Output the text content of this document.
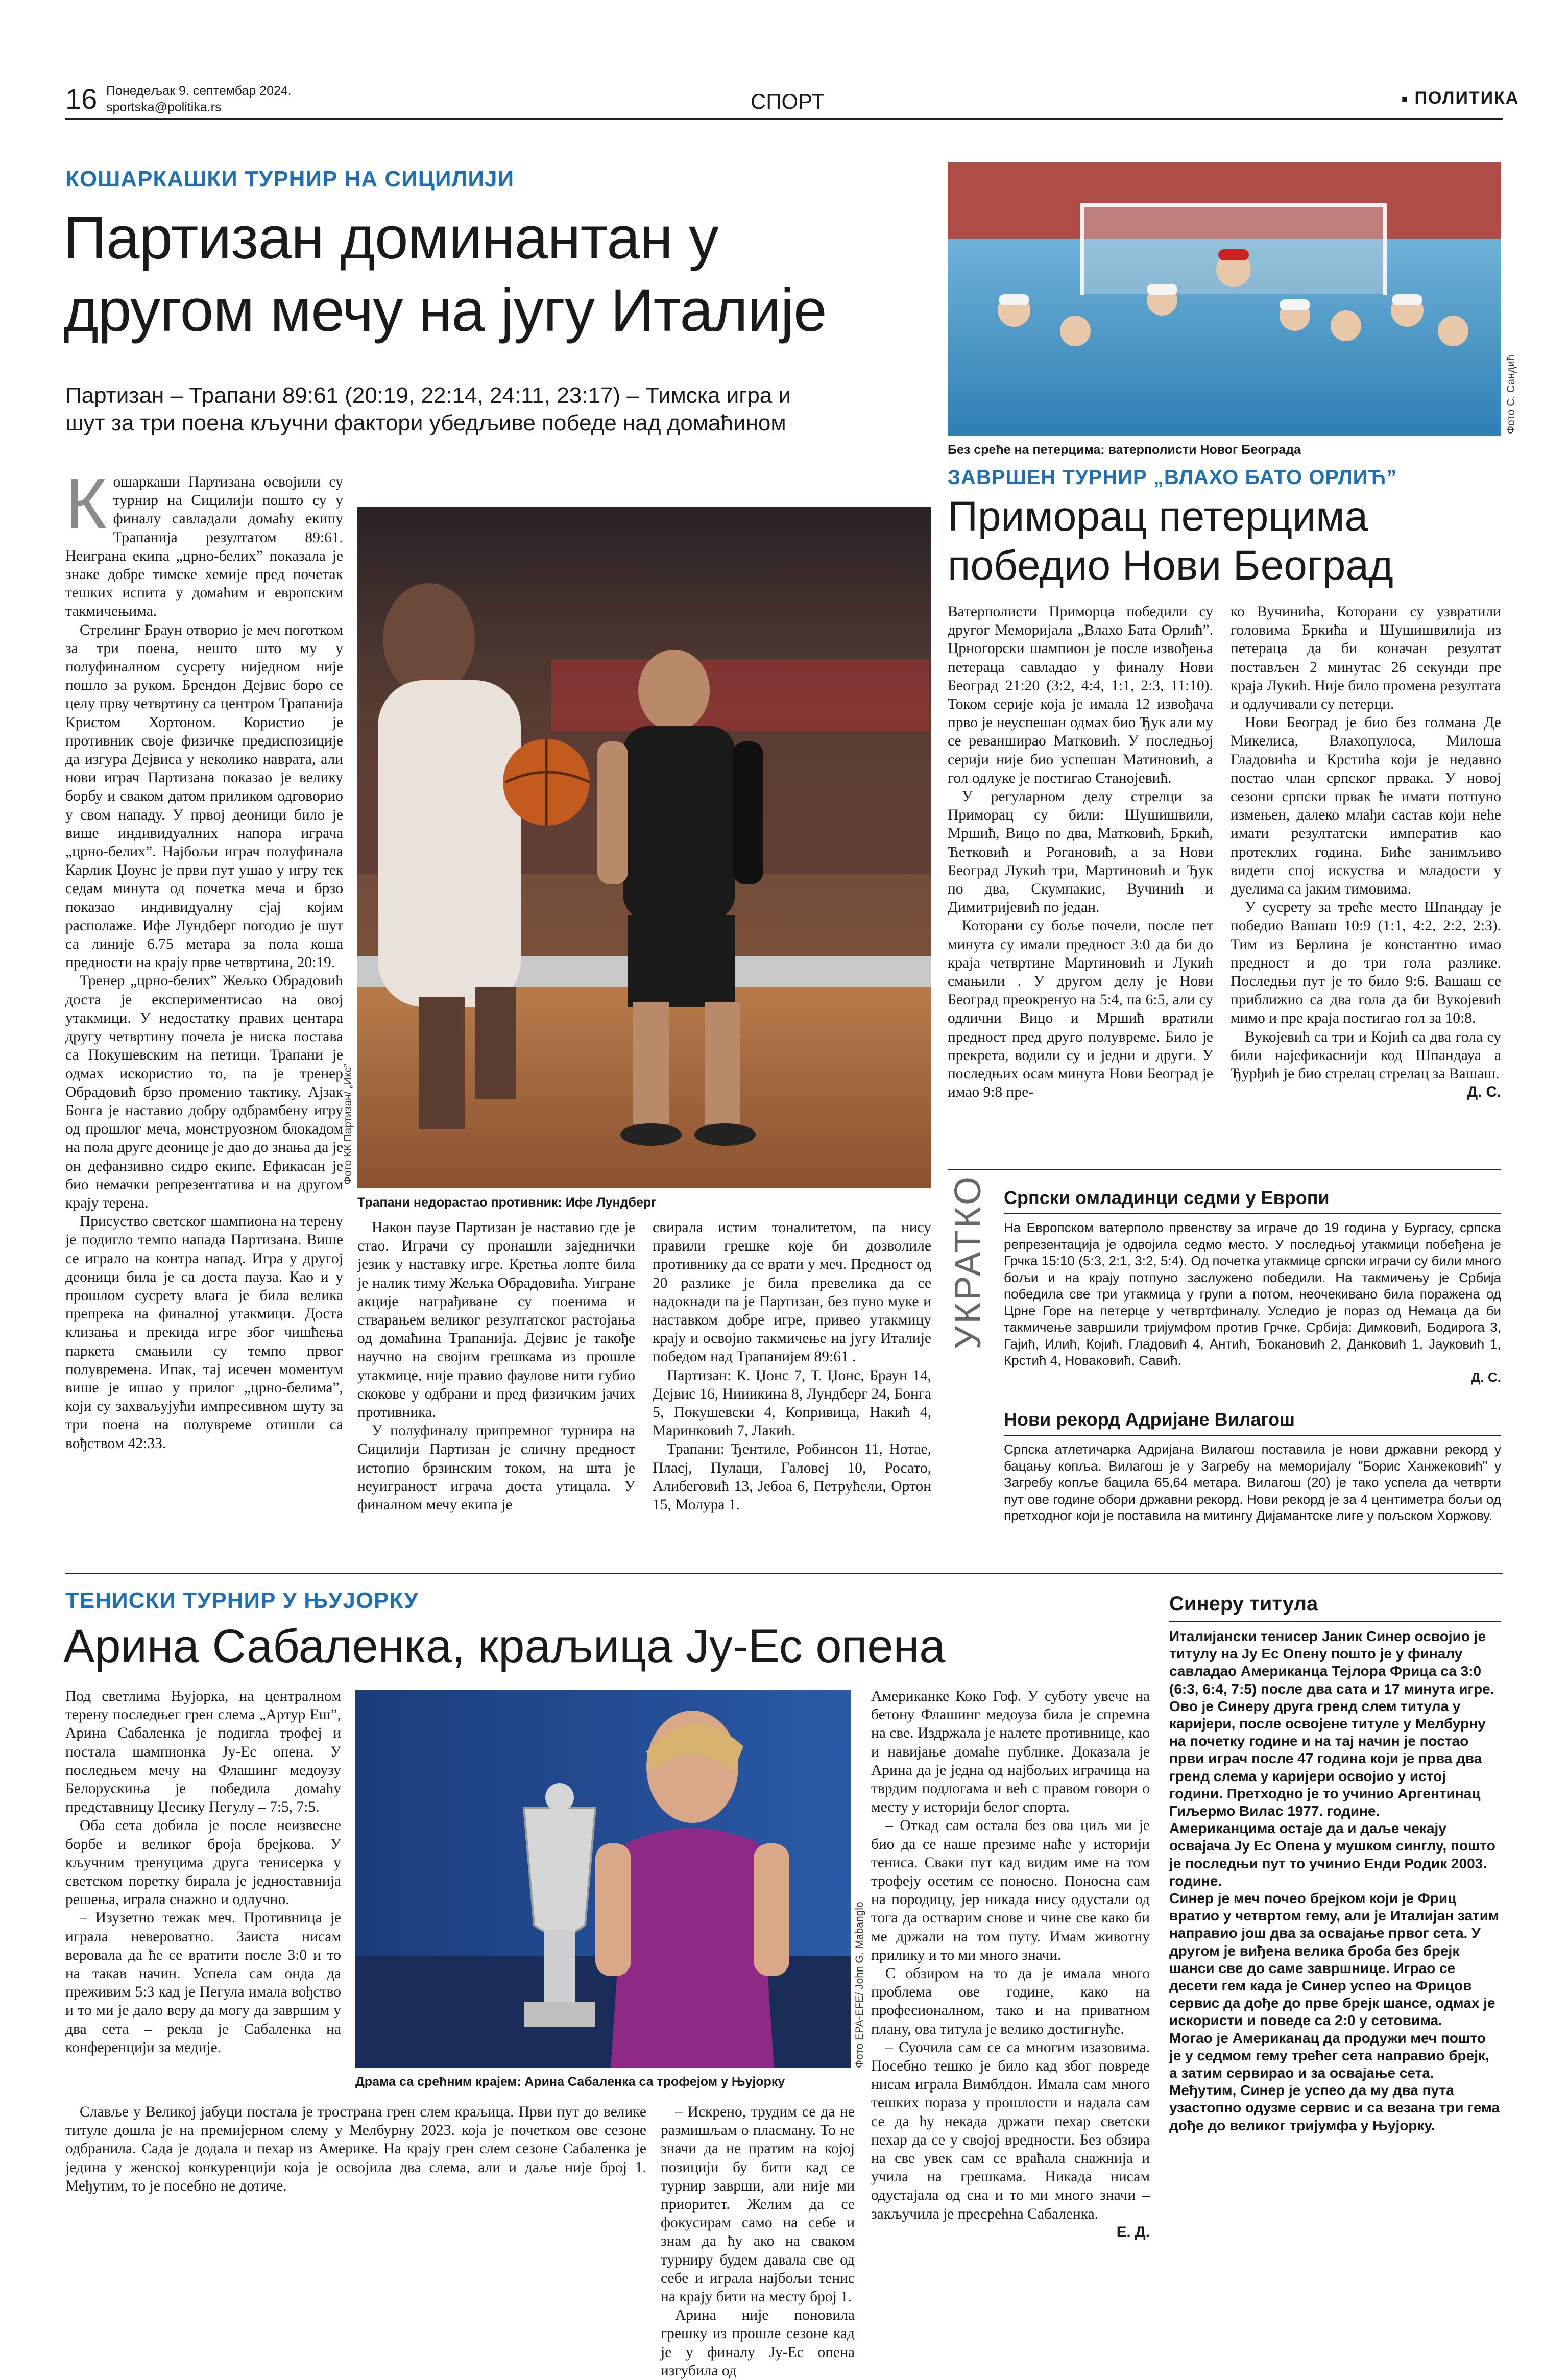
16 Понедељак 9. септембар 2024.
sportska@politika.rs	СПОРТ	■ ПОЛИТИКА
КОШАРКАШКИ ТУРНИР НА СИЦИЛИЈИ
Партизан доминантан у
другом мечу на југу Италије
Партизан – Трапани 89:61 (20:19, 22:14, 24:11, 23:17) – Тимска игра и
шут за три поена кључни фактори убедљиве победе над домаћином
К ошаркаши Партизана освојили су турнир на Сицилији пошто су у финалу савладали домаћу екипу Трапанија резултатом 89:61. Неиграна екипа „црно-белих” показала је знаке добре тимске хемије пред почетак тешких испита у домаћим и европским такмичењима.

Стрелинг Браун отворио је меч поготком за три поена, нешто што му у полуфиналном сусрету ниједном није пошло за руком. Брендон Дејвис боро се целу прву четвртину са центром Трапанија Кристом Хортоном. Користио је противник своје физичке предиспозиције да изгура Дејвиса у неколико наврата, али нови играч Партизана показао је велику борбу и сваком датом приликом одговорио у свом нападу. У првој деоници било је више индивидуалних напора играча „црно-белих”. Најбољи играч полуфинала Карлик Џоунс је први пут ушао у игру тек седам минута од почетка меча и брзо показао индивидуалну сјај којим располаже. Ифе Лундберг погодио је шут са линије 6.75 метара за пола коша предности на крају прве четвртина, 20:19.

Тренер „црно-белих” Жељко Обрадовић доста је експериментисао на овој утакмици. У недостатку правих центара другу четвртину почела је ниска постава са Покушевским на петици. Трапани је одмах искористио то, па је тренер Обрадовић брзо променио тактику. Ајзак Бонга је наставио добру одбрамбену игру од прошлог меча, монструозном блокадом на пола друге деонице је дао до знања да је он дефанзивно сидро екипе. Ефикасан је био немачки репрезентатива и на другом крају терена.

Присуство светског шампиона на терену је подигло темпо напада Партизана. Више се играло на контра напад. Игра у другој деоници била је са доста пауза. Као и у прошлом сусрету влага је била велика препрека на финалној утакмици. Доста клизања и прекида игре због чишћења паркета смањили су темпо првог полувремена. Ипак, тај исечен моментум више је ишао у прилог „црно-белима”, који су захваљујући импресивном шуту за три поена на полувреме отишли са вођством 42:33.

Фото КК Партизан/ „Икс”
Трапани недорастао противник: Ифе Лундберг

Након паузе Партизан је наставио где је стао. Играчи су пронашли заједнички језик у наставку игре. Кретња лопте била је налик тиму Жељка Обрадовића. Уигране акције награђиване су поенима и стварањем великог резултатског растојања од домаћина Трапанија. Дејвис је такође научно на својим грешкама из прошле утакмице, није правио фауловe нити губио скокове у одбрани и пред физичким јачих противника.

У полуфиналу припремног турнира на Сицилији Партизан је сличну предност истопио брзинским током, на шта је неуигранoст играча доста утицала. У финалном мечу екипа је

свирала истим тоналитетом, па нису правили грешке које би дозволиле противнику да се врати у меч. Предност од 20 разлике је била превелика да се надокнади па је Партизан, без пуно муке и наставком добре игре, привео утакмицу крају и освојио такмичење на југу Италије победом над Трапанијем 89:61 .

Партизан: К. Џонс 7, Т. Џонс, Браун 14, Дејвис 16, Нииикина 8, Лундберг 24, Бонга 5, Покушевски 4, Копривица, Накић 4, Маринковић 7, Лакић.

Трапани: Ђентиле, Робинсон 11, Нотае, Пласј, Пулаци, Галовеј 10, Росато, Алибеговић 13, Јебоа 6, Петрућели, Ортон 15, Молура 1.

Фото С. Сандић
Без среће на петерцима: ватерполисти Новог Београда
ЗАВРШЕН ТУРНИР „ВЛАХО БАТО ОРЛИЋ”
Приморац петерцима
победио Нови Београд

Ватерполисти Приморца победили су другог Меморијала „Влахо Бата Орлић”. Црногорски шампион је после извођења петераца савладао у финалу Нови Београд 21:20 (3:2, 4:4, 1:1, 2:3, 11:10). Током серије која је имала 12 извођача прво је неуспешан одмах био Ђук али му се реванширао Матковић. У последњој серији није био успешан Матиновић, а гол одлуке је постигао Станојевић.

У регуларном делу стрелци за Приморац су били: Шушишвили, Мршић, Вицо по два, Матковић, Бркић, Ћетковић и Рогановић, а за Нови Београд Лукић три, Мартиновић и Ђук по два, Скумпакис, Вучинић и Димитријевић по један.

Которани су боље почели, после пет минута су имали предност 3:0 да би до краја четвртине Мартиновић и Лукић смањили . У другом делу је Нови Београд преокренуо на 5:4, па 6:5, али су одлични Вицо и Мршић вратили предност пред друго полувреме. Било је прекрета, водили су и једни и други. У последњих осам минута Нови Београд је имао 9:8 пре-

ко Вучинића, Которани су узвратили головима Бркића и Шушишвилија из петераца да би коначан резултат постављен 2 минутас 26 секунди пре краја Лукић. Није било промена резултата и одлучивали су петерци.

Нови Београд је био без голмана Де Микелиса, Влахопулоса, Милоша Гладовића и Крстића који је недавно постао члан српског првака. У новој сезони српски првак ће имати потпуно измењен, далеко млађи састав који неће имати резултатски императив као протеклих година. Биће занимљиво видети спој искуства и младости у дуелима са јаким тимовима.

У сусрету за треће место Шпандау је победио Вашаш 10:9 (1:1, 4:2, 2:2, 2:3). Тим из Берлина је константно имао предност и до три гола разлике. Последњи пут је то било 9:6. Вашаш се приближио са два гола да би Вукојевић мимо и пре краја постигао гол за 10:8.

Вукојевић са три и Којић са два гола су били најефикаснији код Шпандауа а Ђурђић је био стрелац стрелац за Вашаш.

Д. С.

УКРАТКО Српски омладинци седми у Европи

На Европском ватерполо првенству за играче до 19 година у Бургасу, српска репрезентација је одвојила седмо место. У последњој утакмици побеђена је Грчка 15:10 (5:3, 2:1, 3:2, 5:4). Од почетка утакмице српски играчи су били много бољи и на крају потпуно заслужено победили. На такмичењу је Србија победила све три утакмица у групи а потом, неочекивано била поражена од Црне Горе на петерце у четвртфиналу. Уследио је пораз од Немаца да би такмичење завршили тријумфом против Грчке. Србија: Димковић, Бодирога 3, Гајић, Илић, Којић, Гладовић 4, Антић, Ђокановић 2, Данковић 1, Јауковић 1, Крстић 4, Новаковић, Савић.

Д. С.

Нови рекорд Адријане Вилагош

Српска атлетичарка Адријана Вилагош поставила је нови државни рекорд у бацању копља. Вилагош је у Загребу на меморијалу "Борис Ханжековић" у Загребу копље бацила 65,64 метара. Вилагош (20) је тако успела да четврти пут ове године обори државни рекорд. Нови рекорд је за 4 центиметра бољи од претходног који је поставила на митингу Дијамантске лиге у пољском Хоржову.

ТЕНИСКИ ТУРНИР У ЊУЈОРКУ
Арина Сабаленка, краљица Ју-Ес опена

Под светлима Њујорка, на централном терену последњег грен слема „Артур Еш”, Арина Сабаленка је подигла трофеј и постала шампионка Ју-Ес опена. У последњем мечу на Флашинг медоузу Белорускиња је победила домаћу представницу Џесику Пегулу – 7:5, 7:5.

Оба сета добила је после неизвесне борбе и великог броја брејкова. У кључним тренуцима друга тенисерка у светском поретку бирала је једноставнија решења, играла снажно и одлучно.

– Изузетно тежак меч. Противница је играла невероватно. Заиста нисам веровала да ће се вратити после 3:0 и то на такав начин. Успела сам онда да преживим 5:3 кад је Пегула имала вођство и то ми је дало веру да могу да завршим у два сета – рекла је Сабаленка на конференцији за медије.

Славље у Великој јабуци постала је тространа грен слем краљица. Први пут до велике титуле дошла је на премијерном слему у Мелбурну 2023. која је почетком ове сезоне одбранила. Сада је додала и пехар из Америке. На крају грен слем сезоне Сабаленка је једина у женској конкуренцији која је освојила два слема, али и даље није број 1. Међутим, то је посебно не дотиче.

Фото EPA-EFE/ John G. Mabanglo
Драма са срећним крајем: Арина Сабаленка са трофејом у Њујорку

– Искрено, трудим се да не размишљам о пласману. То не значи да не пратим на којој позицији бу бити кад се турнир заврши, али није ми приоритет. Желим да се фокусирам само на себе и знам да ћу ако на сваком турниру будем давала све од себе и играла најбољи тенис на крају бити на месту број 1.

Арина није поновила грешку из прошле сезоне кад је у финалу Ју-Ес опена изгубила од

Американке Коко Гоф. У суботу увече на бетону Флашинг медоуза била је спремна на све. Издржала је налете противнице, као и навијање домаће публике. Доказала је Арина да је једна од најбољих играчица на тврдим подлогама и већ с правом говори о месту у историји белог спорта.

– Откад сам остала без ова циљ ми је био да се наше презиме наће у историји тениса. Сваки пут кад видим име на том трофеју осетим се поносно. Поносна сам на породицу, јер никада нису одустали од тога да остварим снове и чине све како би ме држали на том путу. Имам животну прилику и то ми много значи.

С обзиром на то да је имала много проблема ове године, како на професионалном, тако и на приватном плану, ова титула је велико достигнуће.

– Суочила сам се са многим изазовима. Посебно тешко је било кад због повреде нисам играла Вимблдон. Имала сам много тешких пораза у прошлости и надала сам се да ћу некада држати пехар светски пехар да се у својој вредности. Без обзира на све увек сам се враћала снажнија и учила на грешкама. Никада нисам одустајала од сна и то ми много значи – закључила је пресрећна Сабаленка.

Е. Д.

Синеру титула

Италијански тенисер Јаник Синер освојио је титулу на Ју Ес Опену пошто је у финалу савладао Американца Тејлора Фрица са 3:0 (6:3, 6:4, 7:5) после два сата и 17 минута игре.

Ово је Синеру друга гренд слем титула у каријери, после освојене титуле у Мелбурну на почетку године и на тај начин је постао први играч после 47 година који је прва два гренд слема у каријери освојио у истој години. Претходно је то учинио Аргентинац Гиљермо Вилас 1977. године.

Американцима остаје да и даље чекају освајача Ју Ес Опена у мушком синглу, пошто је последњи пут то учинио Енди Родик 2003. године.

Синер је меч почео брејком који је Фриц вратио у четвртом гему, али је Италијан затим направио још два за освајање првог сета. У другом је виђена велика броба без брејк шанси све до саме завршнице. Играо се десети гем када је Синер успео на Фрицов сервис да дође до прве брејк шансе, одмах је искористи и поведе са 2:0 у сетовима.

Могао је Американац да продужи меч пошто је у седмом гему трећег сета направио брејк, а затим сервирао и за освајање сета. Међутим, Синер је успео да му два пута узастопно одузме сервис и са везана три гема дође до великог тријумфа у Њујорку.
